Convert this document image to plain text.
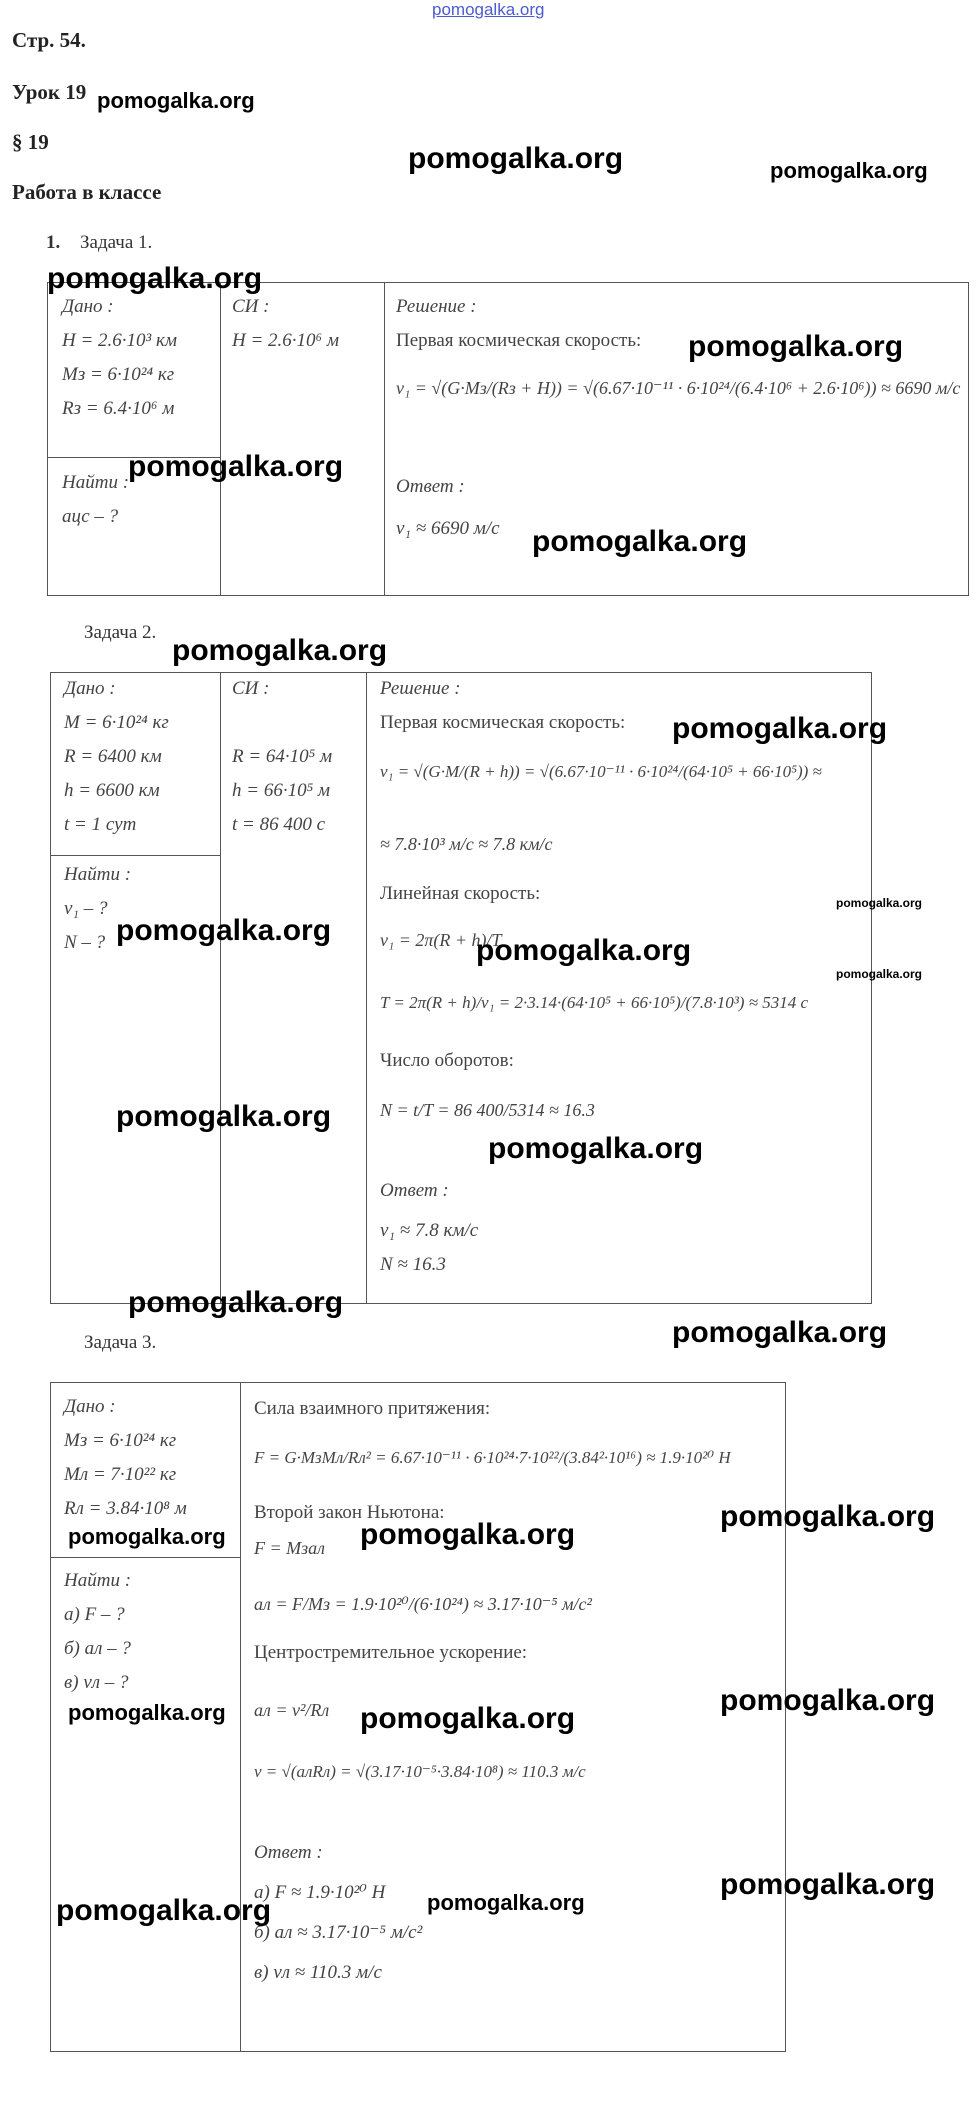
pomogalka.org
Стр. 54.
Урок 19
§ 19
Работа в классе
1. Задача 1.
Дано :
H = 2.6·10³ км
Mз = 6·10²⁴ кг
Rз = 6.4·10⁶ м
СИ :
H = 2.6·10⁶ м
Найти :
aцс – ?
Решение :
Первая космическая скорость:
v₁ = √(G·Mз/(Rз + H)) = √(6.67·10⁻¹¹ · 6·10²⁴/(6.4·10⁶ + 2.6·10⁶)) ≈ 6690 м/с
Ответ :
v₁ ≈ 6690 м/с
Задача 2.
Дано :
M = 6·10²⁴ кг
R = 6400 км
h = 6600 км
t = 1 сут
СИ :
R = 64·10⁵ м
h = 66·10⁵ м
t = 86 400 с
Найти :
v₁ – ?
N – ?
Решение :
Первая космическая скорость:
v₁ = √(G·M/(R + h)) = √(6.67·10⁻¹¹ · 6·10²⁴/(64·10⁵ + 66·10⁵)) ≈
≈ 7.8·10³ м/с ≈ 7.8 км/с
Линейная скорость:
v₁ = 2π(R + h)/T
T = 2π(R + h)/v₁ = 2·3.14·(64·10⁵ + 66·10⁵)/(7.8·10³) ≈ 5314 с
Число оборотов:
N = t/T = 86 400/5314 ≈ 16.3
Ответ :
v₁ ≈ 7.8 км/с
N ≈ 16.3
Задача 3.
Дано :
Mз = 6·10²⁴ кг
Mл = 7·10²² кг
Rл = 3.84·10⁸ м
Найти :
а) F – ?
б) aл – ?
в) vл – ?
Сила взаимного притяжения:
F = G·MзMл/Rл² = 6.67·10⁻¹¹ · 6·10²⁴·7·10²²/(3.84²·10¹⁶) ≈ 1.9·10²⁰ Н
Второй закон Ньютона:
F = Mзaл
aл = F/Mз = 1.9·10²⁰/(6·10²⁴) ≈ 3.17·10⁻⁵ м/с²
Центростремительное ускорение:
aл = v²/Rл
v = √(aлRл) = √(3.17·10⁻⁵·3.84·10⁸) ≈ 110.3 м/с
Ответ :
а) F ≈ 1.9·10²⁰ Н
б) aл ≈ 3.17·10⁻⁵ м/с²
в) vл ≈ 110.3 м/с
pomogalka.org
pomogalka.org	pomogalka.org
pomogalka.org
pomogalka.org
pomogalka.org
pomogalka.org
pomogalka.org
pomogalka.org
pomogalka.org
pomogalka.org
pomogalka.org
pomogalka.org
pomogalka.org
pomogalka.org
pomogalka.org
pomogalka.org
pomogalka.org
pomogalka.org	pomogalka.org
pomogalka.org	pomogalka.org
pomogalka.org
pomogalka.org
pomogalka.org
pomogalka.org
